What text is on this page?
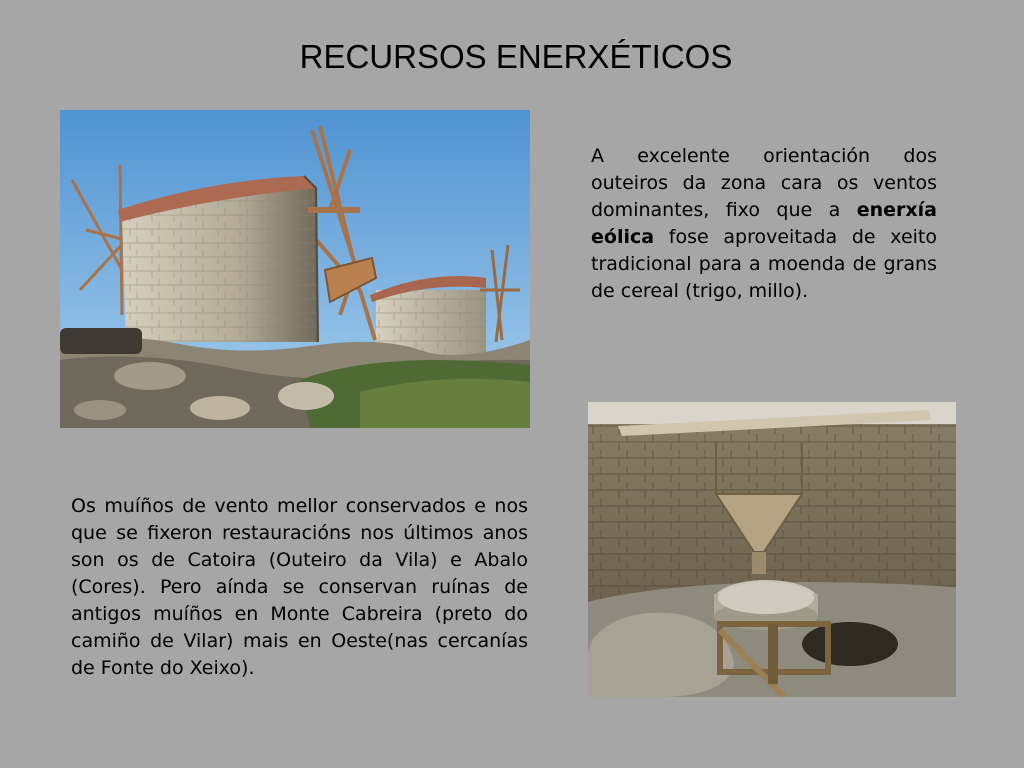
RECURSOS ENERXÉTICOS

A excelente orientación dos outeiros da zona cara os ventos dominantes, fixo que a enerxía eólica fose aproveitada de xeito tradicional para a moenda de grans de cereal (trigo, millo).

Os muíños de vento mellor conservados e nos que se fixeron restauracións nos últimos anos son os de Catoira (Outeiro da Vila) e Abalo (Cores). Pero aínda se conservan ruínas de antigos muíños en Monte Cabreira (preto do camiño de Vilar) mais en Oeste(nas cercanías de Fonte do Xeixo).
